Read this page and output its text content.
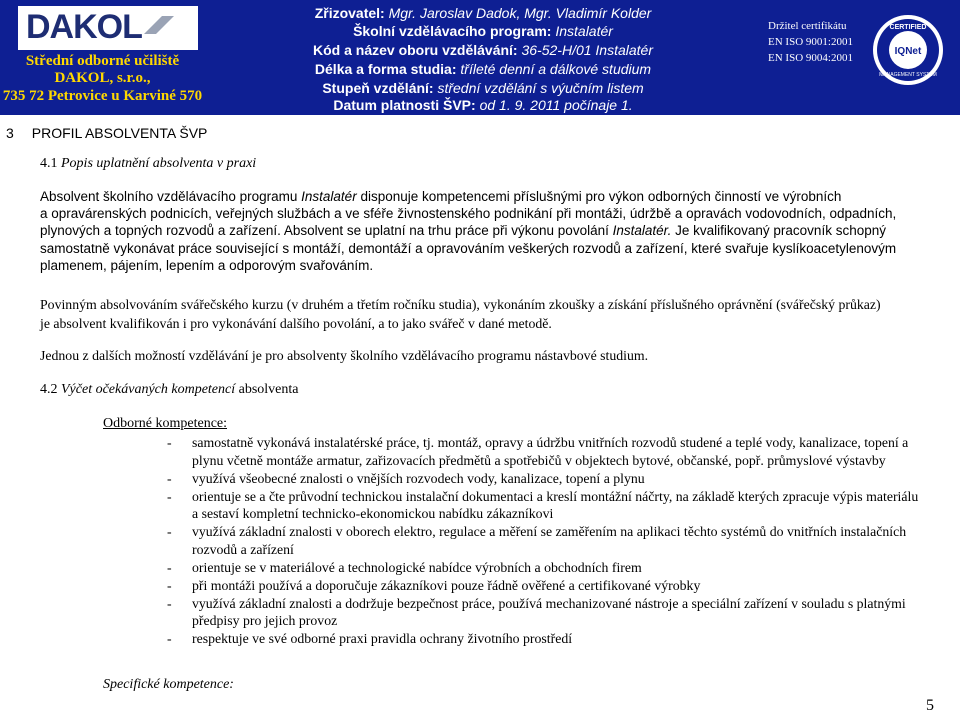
DAKOL
Střední odborné učiliště
DAKOL, s.r.o.,
735 72 Petrovice u Karviné 570
Zřizovatel: Mgr. Jaroslav Dadok, Mgr. Vladimír Kolder
Školní vzdělávacího program: Instalatér
Kód a název oboru vzdělávání: 36-52-H/01 Instalatér
Délka a forma studia: tříleté denní a dálkové studium
Stupeň vzdělání: střední vzdělání s výučním listem
Datum platnosti ŠVP: od 1. 9. 2011 počínaje 1. ročníkem
Držitel certifikátu
EN ISO 9001:2001
EN ISO 9004:2001
CERTIFIED
IQNet
MANAGEMENT SYSTEM
3 PROFIL ABSOLVENTA ŠVP
4.1 Popis uplatnění absolventa v praxi
Absolvent školního vzdělávacího programu Instalatér disponuje kompetencemi příslušnými pro výkon odborných činností ve výrobních
a opravárenských podnicích, veřejných službách a ve sféře živnostenského podnikání při montáži, údržbě a opravách vodovodních, odpadních,
plynových a topných rozvodů a zařízení. Absolvent se uplatní na trhu práce při výkonu povolání Instalatér. Je kvalifikovaný pracovník schopný
samostatně vykonávat práce související s montáží, demontáží a opravováním veškerých rozvodů a zařízení, které svařuje kyslíkoacetylenovým
plamenem, pájením, lepením a odporovým svařováním.
Povinným absolvováním svářečského kurzu (v druhém a třetím ročníku studia), vykonáním zkoušky a získání příslušného oprávnění (svářečský průkaz)
je absolvent kvalifikován i pro vykonávání dalšího povolání, a to jako svářeč v dané metodě.
Jednou z dalších možností vzdělávání je pro absolventy školního vzdělávacího programu nástavbové studium.
4.2 Výčet očekávaných kompetencí absolventa
Odborné kompetence:
- samostatně vykonává instalatérské práce, tj. montáž, opravy a údržbu vnitřních rozvodů studené a teplé vody, kanalizace, topení a plynu včetně montáže armatur, zařizovacích předmětů a spotřebičů v objektech bytové, občanské, popř. průmyslové výstavby
- využívá všeobecné znalosti o vnějších rozvodech vody, kanalizace, topení a plynu
- orientuje se a čte průvodní technickou instalační dokumentaci a kreslí montážní náčrty, na základě kterých zpracuje výpis materiálu a sestaví kompletní technicko-ekonomickou nabídku zákazníkovi
- využívá základní znalosti v oborech elektro, regulace a měření se zaměřením na aplikaci těchto systémů do vnitřních instalačních rozvodů a zařízení
- orientuje se v materiálové a technologické nabídce výrobních a obchodních firem
- při montáži používá a doporučuje zákazníkovi pouze řádně ověřené a certifikované výrobky
- využívá základní znalosti a dodržuje bezpečnost práce, používá mechanizované nástroje a speciální zařízení v souladu s platnými předpisy pro jejich provoz
- respektuje ve své odborné praxi pravidla ochrany životního prostředí
Specifické kompetence:
5
